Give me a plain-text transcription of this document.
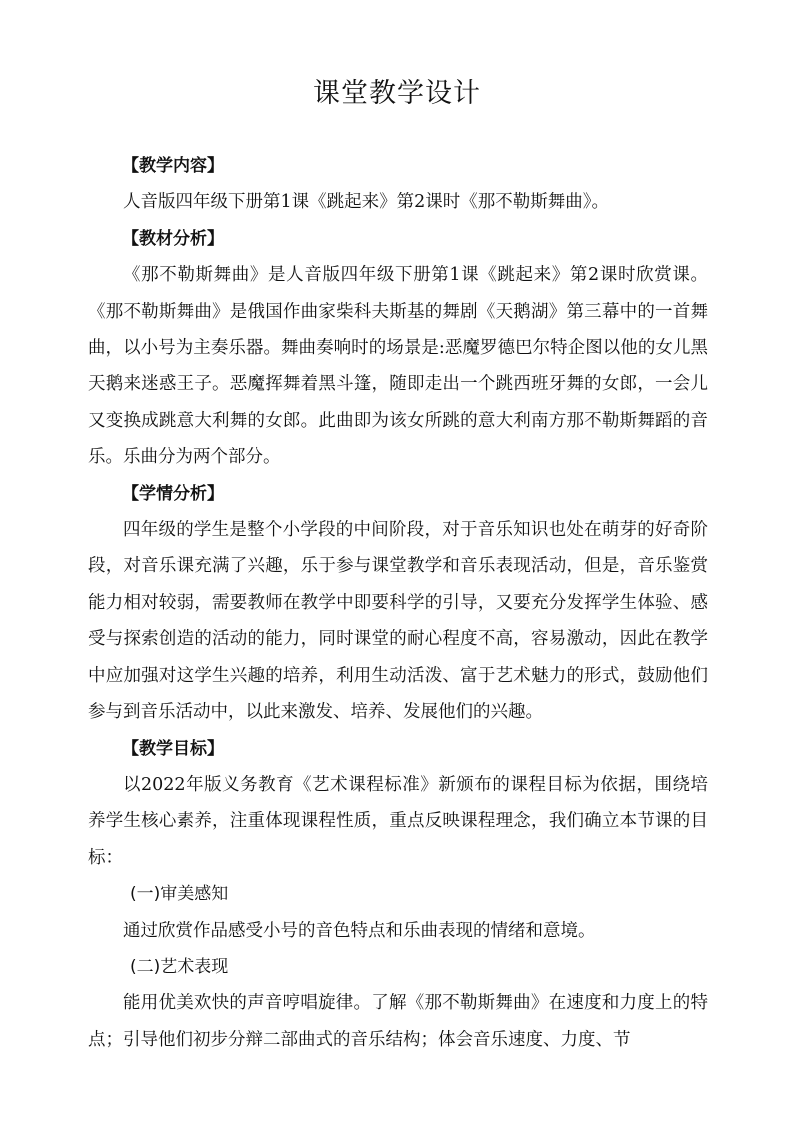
课堂教学设计

【教学内容】

人音版四年级下册第1课《跳起来》第2课时《那不勒斯舞曲》。

【教材分析】

《那不勒斯舞曲》是人音版四年级下册第1课《跳起来》第2课时欣赏课。《那不勒斯舞曲》是俄国作曲家柴科夫斯基的舞剧《天鹅湖》第三幕中的一首舞曲，以小号为主奏乐器。舞曲奏响时的场景是:恶魔罗德巴尔特企图以他的女儿黑天鹅来迷惑王子。恶魔挥舞着黑斗篷，随即走出一个跳西班牙舞的女郎，一会儿又变换成跳意大利舞的女郎。此曲即为该女所跳的意大利南方那不勒斯舞蹈的音乐。乐曲分为两个部分。

【学情分析】

四年级的学生是整个小学段的中间阶段，对于音乐知识也处在萌芽的好奇阶段，对音乐课充满了兴趣，乐于参与课堂教学和音乐表现活动，但是，音乐鉴赏能力相对较弱，需要教师在教学中即要科学的引导，又要充分发挥学生体验、感受与探索创造的活动的能力，同时课堂的耐心程度不高，容易激动，因此在教学中应加强对这学生兴趣的培养，利用生动活泼、富于艺术魅力的形式，鼓励他们参与到音乐活动中，以此来激发、培养、发展他们的兴趣。

【教学目标】

以2022年版义务教育《艺术课程标准》新颁布的课程目标为依据，围绕培养学生核心素养，注重体现课程性质，重点反映课程理念，我们确立本节课的目标：

(一)审美感知

通过欣赏作品感受小号的音色特点和乐曲表现的情绪和意境。

(二)艺术表现

能用优美欢快的声音哼唱旋律。了解《那不勒斯舞曲》在速度和力度上的特点；引导他们初步分辩二部曲式的音乐结构；体会音乐速度、力度、节
